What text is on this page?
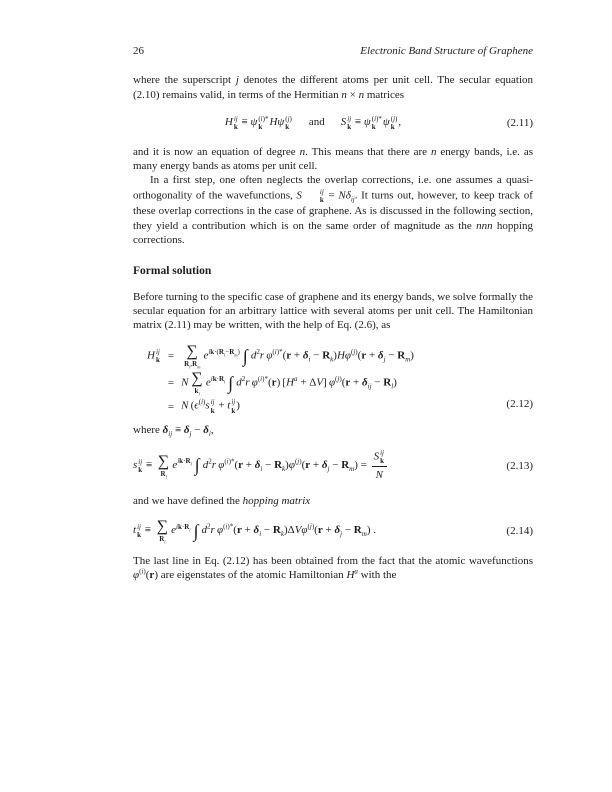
26	Electronic Band Structure of Graphene

where the superscript j denotes the different atoms per unit cell. The secular equation (2.10) remains valid, in terms of the Hermitian n × n matrices

H ij
k ≡ ψ (i)*
k Hψ (j)
k and S ij
k ≡ ψ (i)*
k ψ (j)
k ,	(2.11)

and it is now an equation of degree n. This means that there are n energy bands, i.e. as many energy bands as atoms per unit cell.

In a first step, one often neglects the overlap corrections, i.e. one assumes a quasi-orthogonality of the wavefunctions, S	ij
$k = N\delta_{ij}$. It turns out, however, to keep track of these overlap corrections in the case of graphene. As is discussed in the following section, they yield a contribution which is on the same order of magnitude as the nnn hopping corrections.

Formal solution

Before turning to the specific case of graphene and its energy bands, we solve formally the secular equation for an arbitrary lattice with several atoms per unit cell. The Hamiltonian matrix (2.11) may be written, with the help of Eq. (2.6), as

H ij
k = ∑
$R_l,R_m$
$e^{ik\cdot(R_l-R_m)}$ ∫ $d^2r$  $\varphi^{(i)*}(r + \delta_i - R_k)H\varphi^{(j)}(r + \delta_j - R_m)$
= N ∑
$k_l$
$e^{ik\cdot R_l}$ ∫ $d^2r$  $\varphi^{(i)*}(r) [H^a + \Delta V] \varphi^{(j)}(r + \delta_{ij} - R_l)$
= N ($\epsilon^{(i)}s$ ij
k + t ij
k )	(2.12)

where $\delta_{ij} \equiv \delta_j - \delta_i$,

s ij
k ≡ ∑
$R_l$
$e^{ik\cdot R_l}$ ∫ $d^2r$  $\varphi^{(i)*}(r + \delta_i - R_k)\varphi^{(j)}(r + \delta_j - R_m) = S$ ij
k
N	(2.13)

and we have defined the hopping matrix

t ij
k ≡ ∑
$R_l$
$e^{ik\cdot R_l}$ ∫ $d^2r$  $\varphi^{(i)*}(r + \delta_i - R_k)\Delta V\varphi^{(j)}(r + \delta_j - R_m)$ .	(2.14)

The last line in Eq. (2.12) has been obtained from the fact that the atomic wavefunctions $\varphi^{(i)}(r)$ are eigenstates of the atomic Hamiltonian $H^a$ with the
